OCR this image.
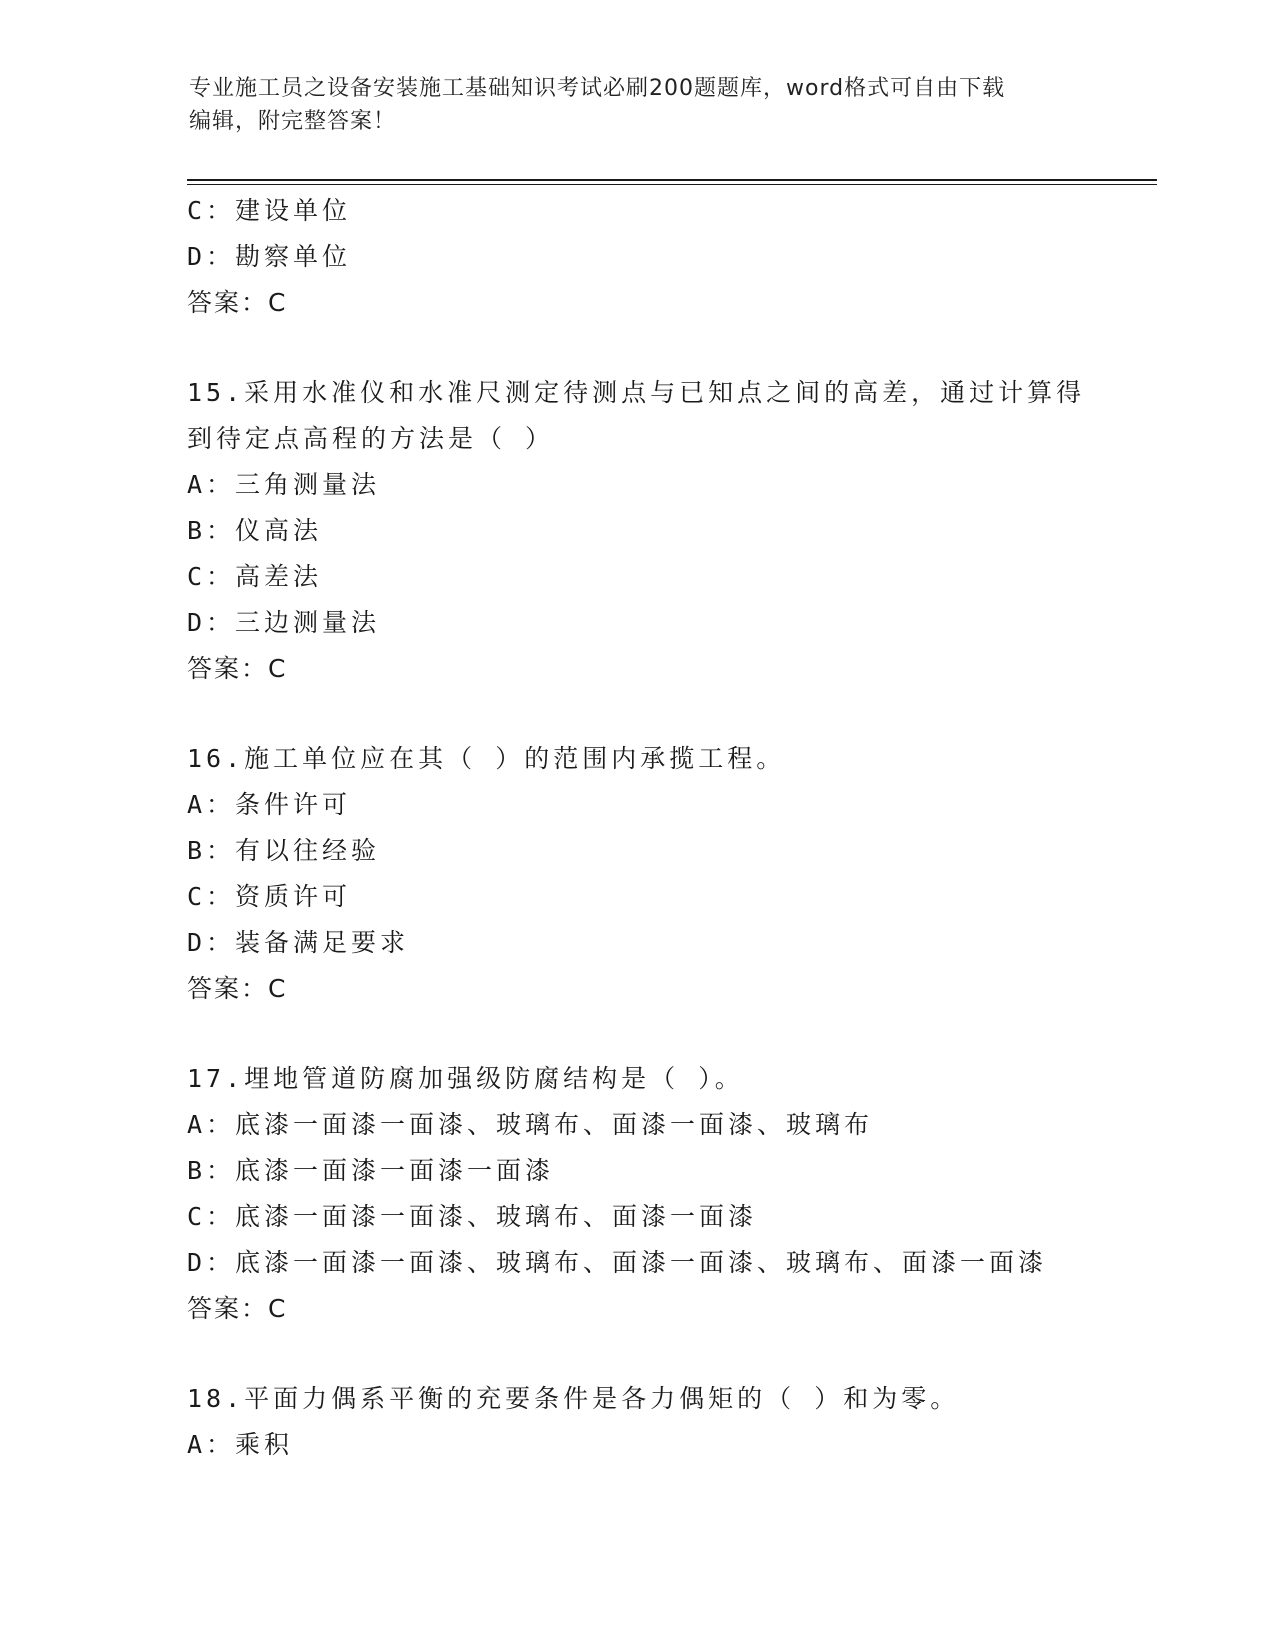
专业施工员之设备安装施工基础知识考试必刷200题题库，word格式可自由下载
编辑，附完整答案！
C：建设单位
D：勘察单位
答案：C
15.采用水准仪和水准尺测定待测点与已知点之间的高差，通过计算得
到待定点高程的方法是（ ）
A：三角测量法
B：仪高法
C：高差法
D：三边测量法
答案：C
16.施工单位应在其（ ）的范围内承揽工程。
A：条件许可
B：有以往经验
C：资质许可
D：装备满足要求
答案：C
17.埋地管道防腐加强级防腐结构是（ ）。
A：底漆一面漆一面漆、玻璃布、面漆一面漆、玻璃布
B：底漆一面漆一面漆一面漆
C：底漆一面漆一面漆、玻璃布、面漆一面漆
D：底漆一面漆一面漆、玻璃布、面漆一面漆、玻璃布、面漆一面漆
答案：C
18.平面力偶系平衡的充要条件是各力偶矩的（ ）和为零。
A：乘积
